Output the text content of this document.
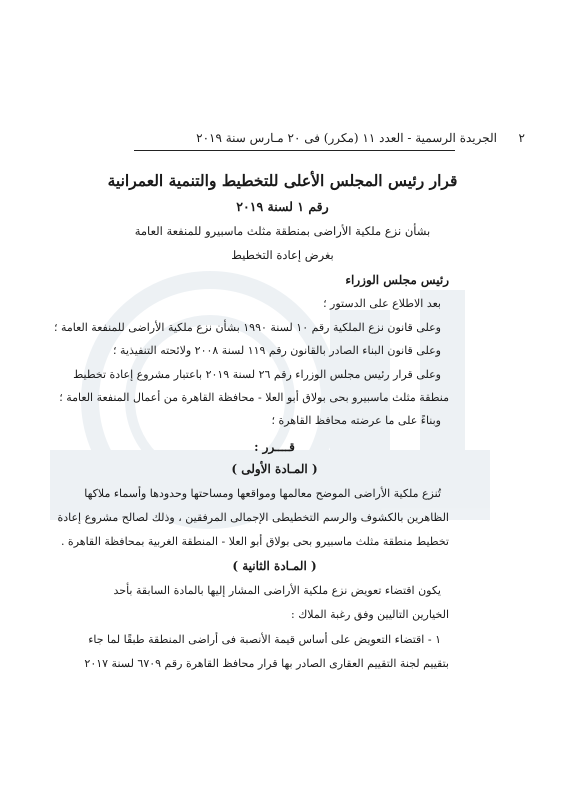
٢
الجريدة الرسمية - العدد ١١ (مكرر) فى ٢٠ مـارس سنة ٢٠١٩
قرار رئيس المجلس الأعلى للتخطيط والتنمية العمرانية
رقم ١ لسنة ٢٠١٩
بشأن نزع ملكية الأراضى بمنطقة مثلث ماسبيرو للمنفعة العامة
بغرض إعادة التخطيط
رئيس مجلس الوزراء
بعد الاطلاع على الدستور ؛
وعلى قانون نزع الملكية رقم ١٠ لسنة ١٩٩٠ بشأن نزع ملكية الأراضى للمنفعة العامة ؛
وعلى قانون البناء الصادر بالقانون رقم ١١٩ لسنة ٢٠٠٨ ولائحته التنفيذية ؛
وعلى قرار رئيس مجلس الوزراء رقم ٢٦ لسنة ٢٠١٩ باعتبار مشروع إعادة تخطيط
منطقة مثلث ماسبيرو بحى بولاق أبو العلا - محافظة القاهرة من أعمال المنفعة العامة ؛
وبناءً على ما عرضته محافظ القاهرة ؛
قــــرر :
( المـادة الأولى )
تُنزع ملكية الأراضى الموضح معالمها ومواقعها ومساحتها وحدودها وأسماء ملاكها
الظاهرين بالكشوف والرسم التخطيطى الإجمالى المرفقين ، وذلك لصالح مشروع إعادة
تخطيط منطقة مثلث ماسبيرو بحى بولاق أبو العلا - المنطقة الغربية بمحافظة القاهرة .
( المـادة الثانية )
يكون اقتضاء تعويض نزع ملكية الأراضى المشار إليها بالمادة السابقة بأحد
الخيارين التاليين وفق رغبة الملاك :
١ - اقتضاء التعويض على أساس قيمة الأنصبة فى أراضى المنطقة طبقًا لما جاء
بتقييم لجنة التقييم العقارى الصادر بها قرار محافظ القاهرة رقم ٦٧٠٩ لسنة ٢٠١٧
